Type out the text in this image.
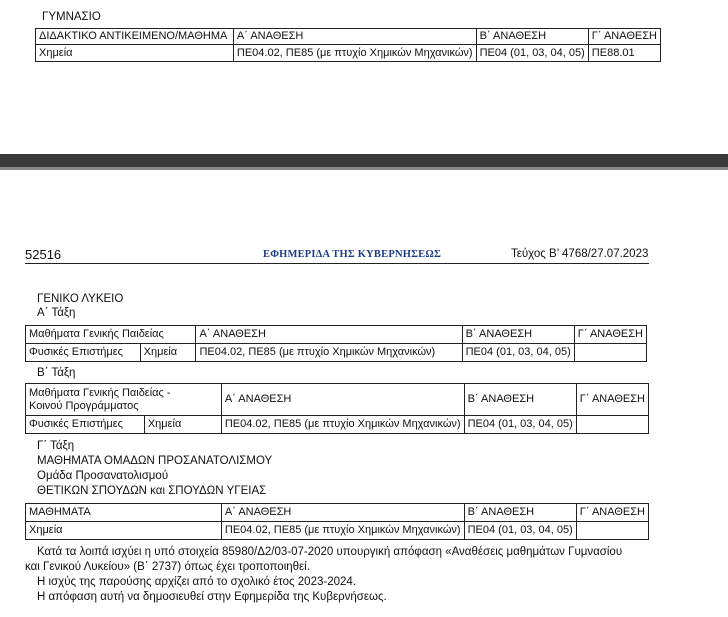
ΓΥΜΝΑΣΙΟ
ΔΙΔΑΚΤΙΚΟ ΑΝΤΙΚΕΙΜΕΝΟ/ΜΑΘΗΜΑ	Α΄ ΑΝΑΘΕΣΗ	Β΄ ΑΝΑΘΕΣΗ	Γ΄ ΑΝΑΘΕΣΗ
Χημεία	ΠΕ04.02, ΠΕ85 (με πτυχίο Χημικών Μηχανικών)	ΠΕ04 (01, 03, 04, 05)	ΠΕ88.01
52516	ΕΦΗΜΕΡΙΔΑ ΤΗΣ ΚΥΒΕΡΝΗΣΕΩΣ	Τεύχος Β’ 4768/27.07.2023
ΓΕΝΙΚΟ ΛΥΚΕΙΟ
Α΄ Τάξη
Μαθήματα Γενικής Παιδείας		Α΄ ΑΝΑΘΕΣΗ	Β΄ ΑΝΑΘΕΣΗ	Γ΄ ΑΝΑΘΕΣΗ
Φυσικές Επιστήμες	Χημεία	ΠΕ04.02, ΠΕ85 (με πτυχίο Χημικών Μηχανικών)	ΠΕ04 (01, 03, 04, 05)	
Β΄ Τάξη
Μαθήματα Γενικής Παιδείας -
Κοινού Προγράμματος		Α΄ ΑΝΑΘΕΣΗ	Β΄ ΑΝΑΘΕΣΗ	Γ΄ ΑΝΑΘΕΣΗ
Φυσικές Επιστήμες	Χημεία	ΠΕ04.02, ΠΕ85 (με πτυχίο Χημικών Μηχανικών)	ΠΕ04 (01, 03, 04, 05)	
Γ΄ Τάξη
ΜΑΘΗΜΑΤΑ ΟΜΑΔΩΝ ΠΡΟΣΑΝΑΤΟΛΙΣΜΟΥ
Ομάδα Προσανατολισμού
ΘΕΤΙΚΩΝ ΣΠΟΥΔΩΝ και ΣΠΟΥΔΩΝ ΥΓΕΙΑΣ
ΜΑΘΗΜΑΤΑ	Α΄ ΑΝΑΘΕΣΗ	Β΄ ΑΝΑΘΕΣΗ	Γ΄ ΑΝΑΘΕΣΗ
Χημεία	ΠΕ04.02, ΠΕ85 (με πτυχίο Χημικών Μηχανικών)	ΠΕ04 (01, 03, 04, 05)	
Κατά τα λοιπά ισχύει η υπό στοιχεία 85980/Δ2/03-07-2020 υπουργική απόφαση «Αναθέσεις μαθημάτων Γυμνασίου
και Γενικού Λυκείου» (Β΄ 2737) όπως έχει τροποποιηθεί.
Η ισχύς της παρούσης αρχίζει από το σχολικό έτος 2023-2024.
Η απόφαση αυτή να δημοσιευθεί στην Εφημερίδα της Κυβερνήσεως.
